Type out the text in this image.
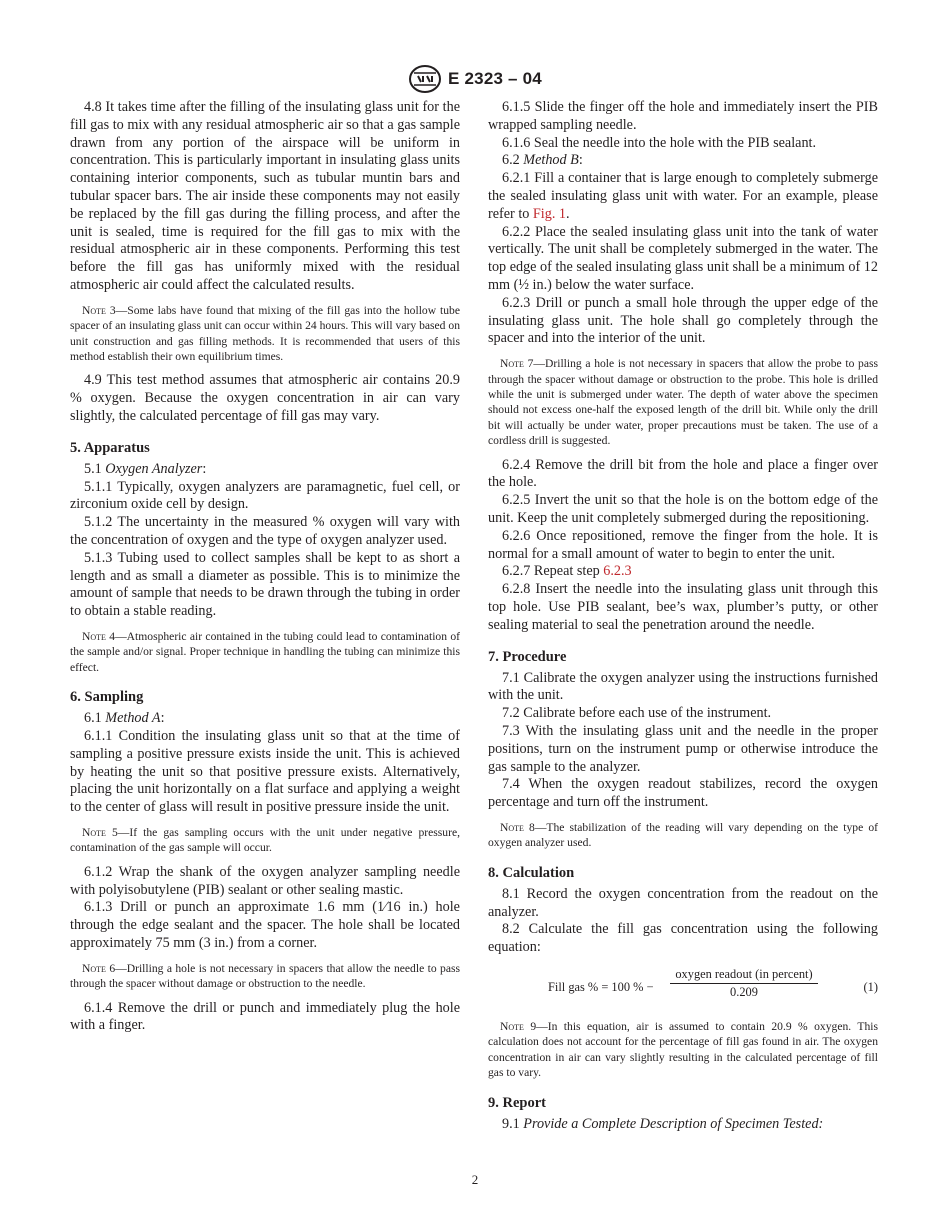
E 2323 – 04

4.8 It takes time after the filling of the insulating glass unit for the fill gas to mix with any residual atmospheric air so that a gas sample drawn from any portion of the airspace will be uniform in concentration. This is particularly important in insulating glass units containing interior components, such as tubular muntin bars and tubular spacer bars. The air inside these components may not easily be replaced by the fill gas during the filling process, and after the unit is sealed, time is required for the fill gas to mix with the residual atmospheric air in these components. Performing this test before the fill gas has uniformly mixed with the residual atmospheric air could affect the calculated results.

Note 3—Some labs have found that mixing of the fill gas into the hollow tube spacer of an insulating glass unit can occur within 24 hours. This will vary based on unit construction and gas filling methods. It is recommended that users of this method establish their own equilibrium times.

4.9 This test method assumes that atmospheric air contains 20.9 % oxygen. Because the oxygen concentration in air can vary slightly, the calculated percentage of fill gas may vary.

5. Apparatus

5.1 Oxygen Analyzer:

5.1.1 Typically, oxygen analyzers are paramagnetic, fuel cell, or zirconium oxide cell by design.

5.1.2 The uncertainty in the measured % oxygen will vary with the concentration of oxygen and the type of oxygen analyzer used.

5.1.3 Tubing used to collect samples shall be kept to as short a length and as small a diameter as possible. This is to minimize the amount of sample that needs to be drawn through the tubing in order to obtain a stable reading.

Note 4—Atmospheric air contained in the tubing could lead to contamination of the sample and/or signal. Proper technique in handling the tubing can minimize this effect.

6. Sampling

6.1 Method A:

6.1.1 Condition the insulating glass unit so that at the time of sampling a positive pressure exists inside the unit. This is achieved by heating the unit so that positive pressure exists. Alternatively, placing the unit horizontally on a flat surface and applying a weight to the center of glass will result in positive pressure inside the unit.

Note 5—If the gas sampling occurs with the unit under negative pressure, contamination of the gas sample will occur.

6.1.2 Wrap the shank of the oxygen analyzer sampling needle with polyisobutylene (PIB) sealant or other sealing mastic.

6.1.3 Drill or punch an approximate 1.6 mm (1⁄16 in.) hole through the edge sealant and the spacer. The hole shall be located approximately 75 mm (3 in.) from a corner.

Note 6—Drilling a hole is not necessary in spacers that allow the needle to pass through the spacer without damage or obstruction to the needle.

6.1.4 Remove the drill or punch and immediately plug the hole with a finger.

6.1.5 Slide the finger off the hole and immediately insert the PIB wrapped sampling needle.

6.1.6 Seal the needle into the hole with the PIB sealant.

6.2 Method B:

6.2.1 Fill a container that is large enough to completely submerge the sealed insulating glass unit with water. For an example, please refer to Fig. 1.

6.2.2 Place the sealed insulating glass unit into the tank of water vertically. The unit shall be completely submerged in the water. The top edge of the sealed insulating glass unit shall be a minimum of 12 mm (½ in.) below the water surface.

6.2.3 Drill or punch a small hole through the upper edge of the insulating glass unit. The hole shall go completely through the spacer and into the interior of the unit.

Note 7—Drilling a hole is not necessary in spacers that allow the probe to pass through the spacer without damage or obstruction to the probe. This hole is drilled while the unit is submerged under water. The depth of water above the specimen should not excess one-half the exposed length of the drill bit. While only the drill bit will actually be under water, proper precautions must be taken. The use of a cordless drill is suggested.

6.2.4 Remove the drill bit from the hole and place a finger over the hole.

6.2.5 Invert the unit so that the hole is on the bottom edge of the unit. Keep the unit completely submerged during the repositioning.

6.2.6 Once repositioned, remove the finger from the hole. It is normal for a small amount of water to begin to enter the unit.

6.2.7 Repeat step 6.2.3

6.2.8 Insert the needle into the insulating glass unit through this top hole. Use PIB sealant, bee’s wax, plumber’s putty, or other sealing material to seal the penetration around the needle.

7. Procedure

7.1 Calibrate the oxygen analyzer using the instructions furnished with the unit.

7.2 Calibrate before each use of the instrument.

7.3 With the insulating glass unit and the needle in the proper positions, turn on the instrument pump or otherwise introduce the gas sample to the analyzer.

7.4 When the oxygen readout stabilizes, record the oxygen percentage and turn off the instrument.

Note 8—The stabilization of the reading will vary depending on the type of oxygen analyzer used.

8. Calculation

8.1 Record the oxygen concentration from the readout on the analyzer.

8.2 Calculate the fill gas concentration using the following equation:

Fill gas % = 100 % −
oxygen readout (in percent)
0.209	(1)

Note 9—In this equation, air is assumed to contain 20.9 % oxygen. This calculation does not account for the percentage of fill gas found in air. The oxygen concentration in air can vary slightly resulting in the calculated percentage of fill gas to vary.

9. Report

9.1 Provide a Complete Description of Specimen Tested:

2
